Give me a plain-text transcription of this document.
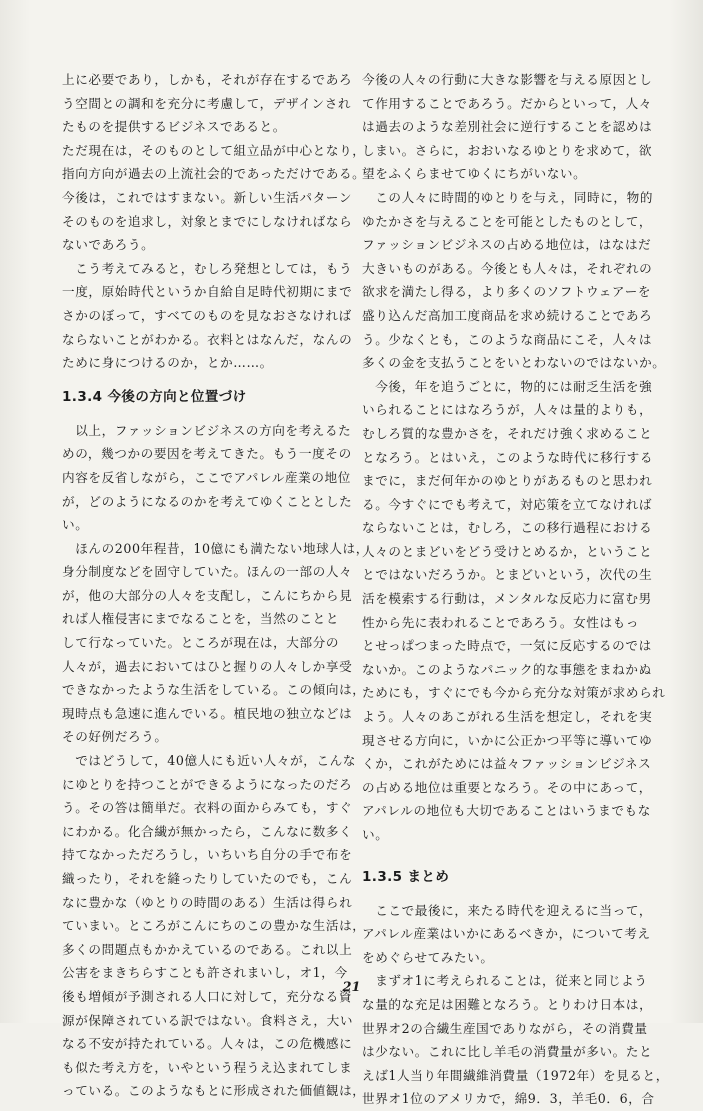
上に必要であり，しかも，それが存在するであろ
う空間との調和を充分に考慮して，デザインされ
たものを提供するビジネスであると。
ただ現在は，そのものとして組立品が中心となり，
指向方向が過去の上流社会的であっただけである。
今後は，これではすまない。新しい生活パターン
そのものを追求し，対象とまでにしなければなら
ないであろう。
　こう考えてみると，むしろ発想としては，もう
一度，原始時代というか自給自足時代初期にまで
さかのぼって，すべてのものを見なおさなければ
ならないことがわかる。衣料とはなんだ，なんの
ために身につけるのか，とか……。
1.3.4 今後の方向と位置づけ
　以上，ファッションビジネスの方向を考えるた
めの，幾つかの要因を考えてきた。もう一度その
内容を反省しながら，ここでアパレル産業の地位
が，どのようになるのかを考えてゆくこととした
い。
　ほんの200年程昔，10億にも満たない地球人は，
身分制度などを固守していた。ほんの一部の人々
が，他の大部分の人々を支配し，こんにちから見
れば人権侵害にまでなることを，当然のことと
して行なっていた。ところが現在は，大部分の
人々が，過去においてはひと握りの人々しか享受
できなかったような生活をしている。この傾向は，
現時点も急速に進んでいる。植民地の独立などは
その好例だろう。
　ではどうして，40億人にも近い人々が，こんな
にゆとりを持つことができるようになったのだろ
う。その答は簡単だ。衣料の面からみても，すぐ
にわかる。化合繊が無かったら，こんなに数多く
持てなかっただろうし，いちいち自分の手で布を
織ったり，それを縫ったりしていたのでも，こん
なに豊かな（ゆとりの時間のある）生活は得られ
ていまい。ところがこんにちのこの豊かな生活は，
多くの問題点もかかえているのである。これ以上
公害をまきちらすことも許されまいし，オ1，今
後も増傾が予測される人口に対して，充分なる資
源が保障されている訳ではない。食料さえ，大い
なる不安が持たれている。人々は，この危機感に
も似た考え方を，いやという程うえ込まれてしま
っている。このようなもとに形成された価値観は，
今後の人々の行動に大きな影響を与える原因とし
て作用することであろう。だからといって，人々
は過去のような差別社会に逆行することを認めは
しまい。さらに，おおいなるゆとりを求めて，欲
望をふくらませてゆくにちがいない。
　この人々に時間的ゆとりを与え，同時に，物的
ゆたかさを与えることを可能としたものとして，
ファッションビジネスの占める地位は，はなはだ
大きいものがある。今後とも人々は，それぞれの
欲求を満たし得る，より多くのソフトウェアーを
盛り込んだ高加工度商品を求め続けることであろ
う。少なくとも，このような商品にこそ，人々は
多くの金を支払うことをいとわないのではないか。
　今後，年を追うごとに，物的には耐乏生活を強
いられることにはなろうが，人々は量的よりも，
むしろ質的な豊かさを，それだけ強く求めること
となろう。とはいえ，このような時代に移行する
までに，まだ何年かのゆとりがあるものと思われ
る。今すぐにでも考えて，対応策を立てなければ
ならないことは，むしろ，この移行過程における
人々のとまどいをどう受けとめるか，ということ
とではないだろうか。とまどいという，次代の生
活を模索する行動は，メンタルな反応力に富む男
性から先に表われることであろう。女性はもっ
とせっぱつまった時点で，一気に反応するのでは
ないか。このようなパニック的な事態をまねかぬ
ためにも，すぐにでも今から充分な対策が求められ
よう。人々のあこがれる生活を想定し，それを実
現させる方向に，いかに公正かつ平等に導いてゆ
くか，これがためには益々ファッションビジネス
の占める地位は重要となろう。その中にあって，
アパレルの地位も大切であることはいうまでもな
い。
1.3.5 まとめ
　ここで最後に，来たる時代を迎えるに当って，
アパレル産業はいかにあるべきか，について考え
をめぐらせてみたい。
　まずオ1に考えられることは，従来と同じよう
な量的な充足は困難となろう。とりわけ日本は，
世界オ2の合繊生産国でありながら，その消費量
は少ない。これに比し羊毛の消費量が多い。たと
えば1人当り年間繊維消費量（1972年）を見ると，
世界オ1位のアメリカで，綿9．3，羊毛0．6，合
21
